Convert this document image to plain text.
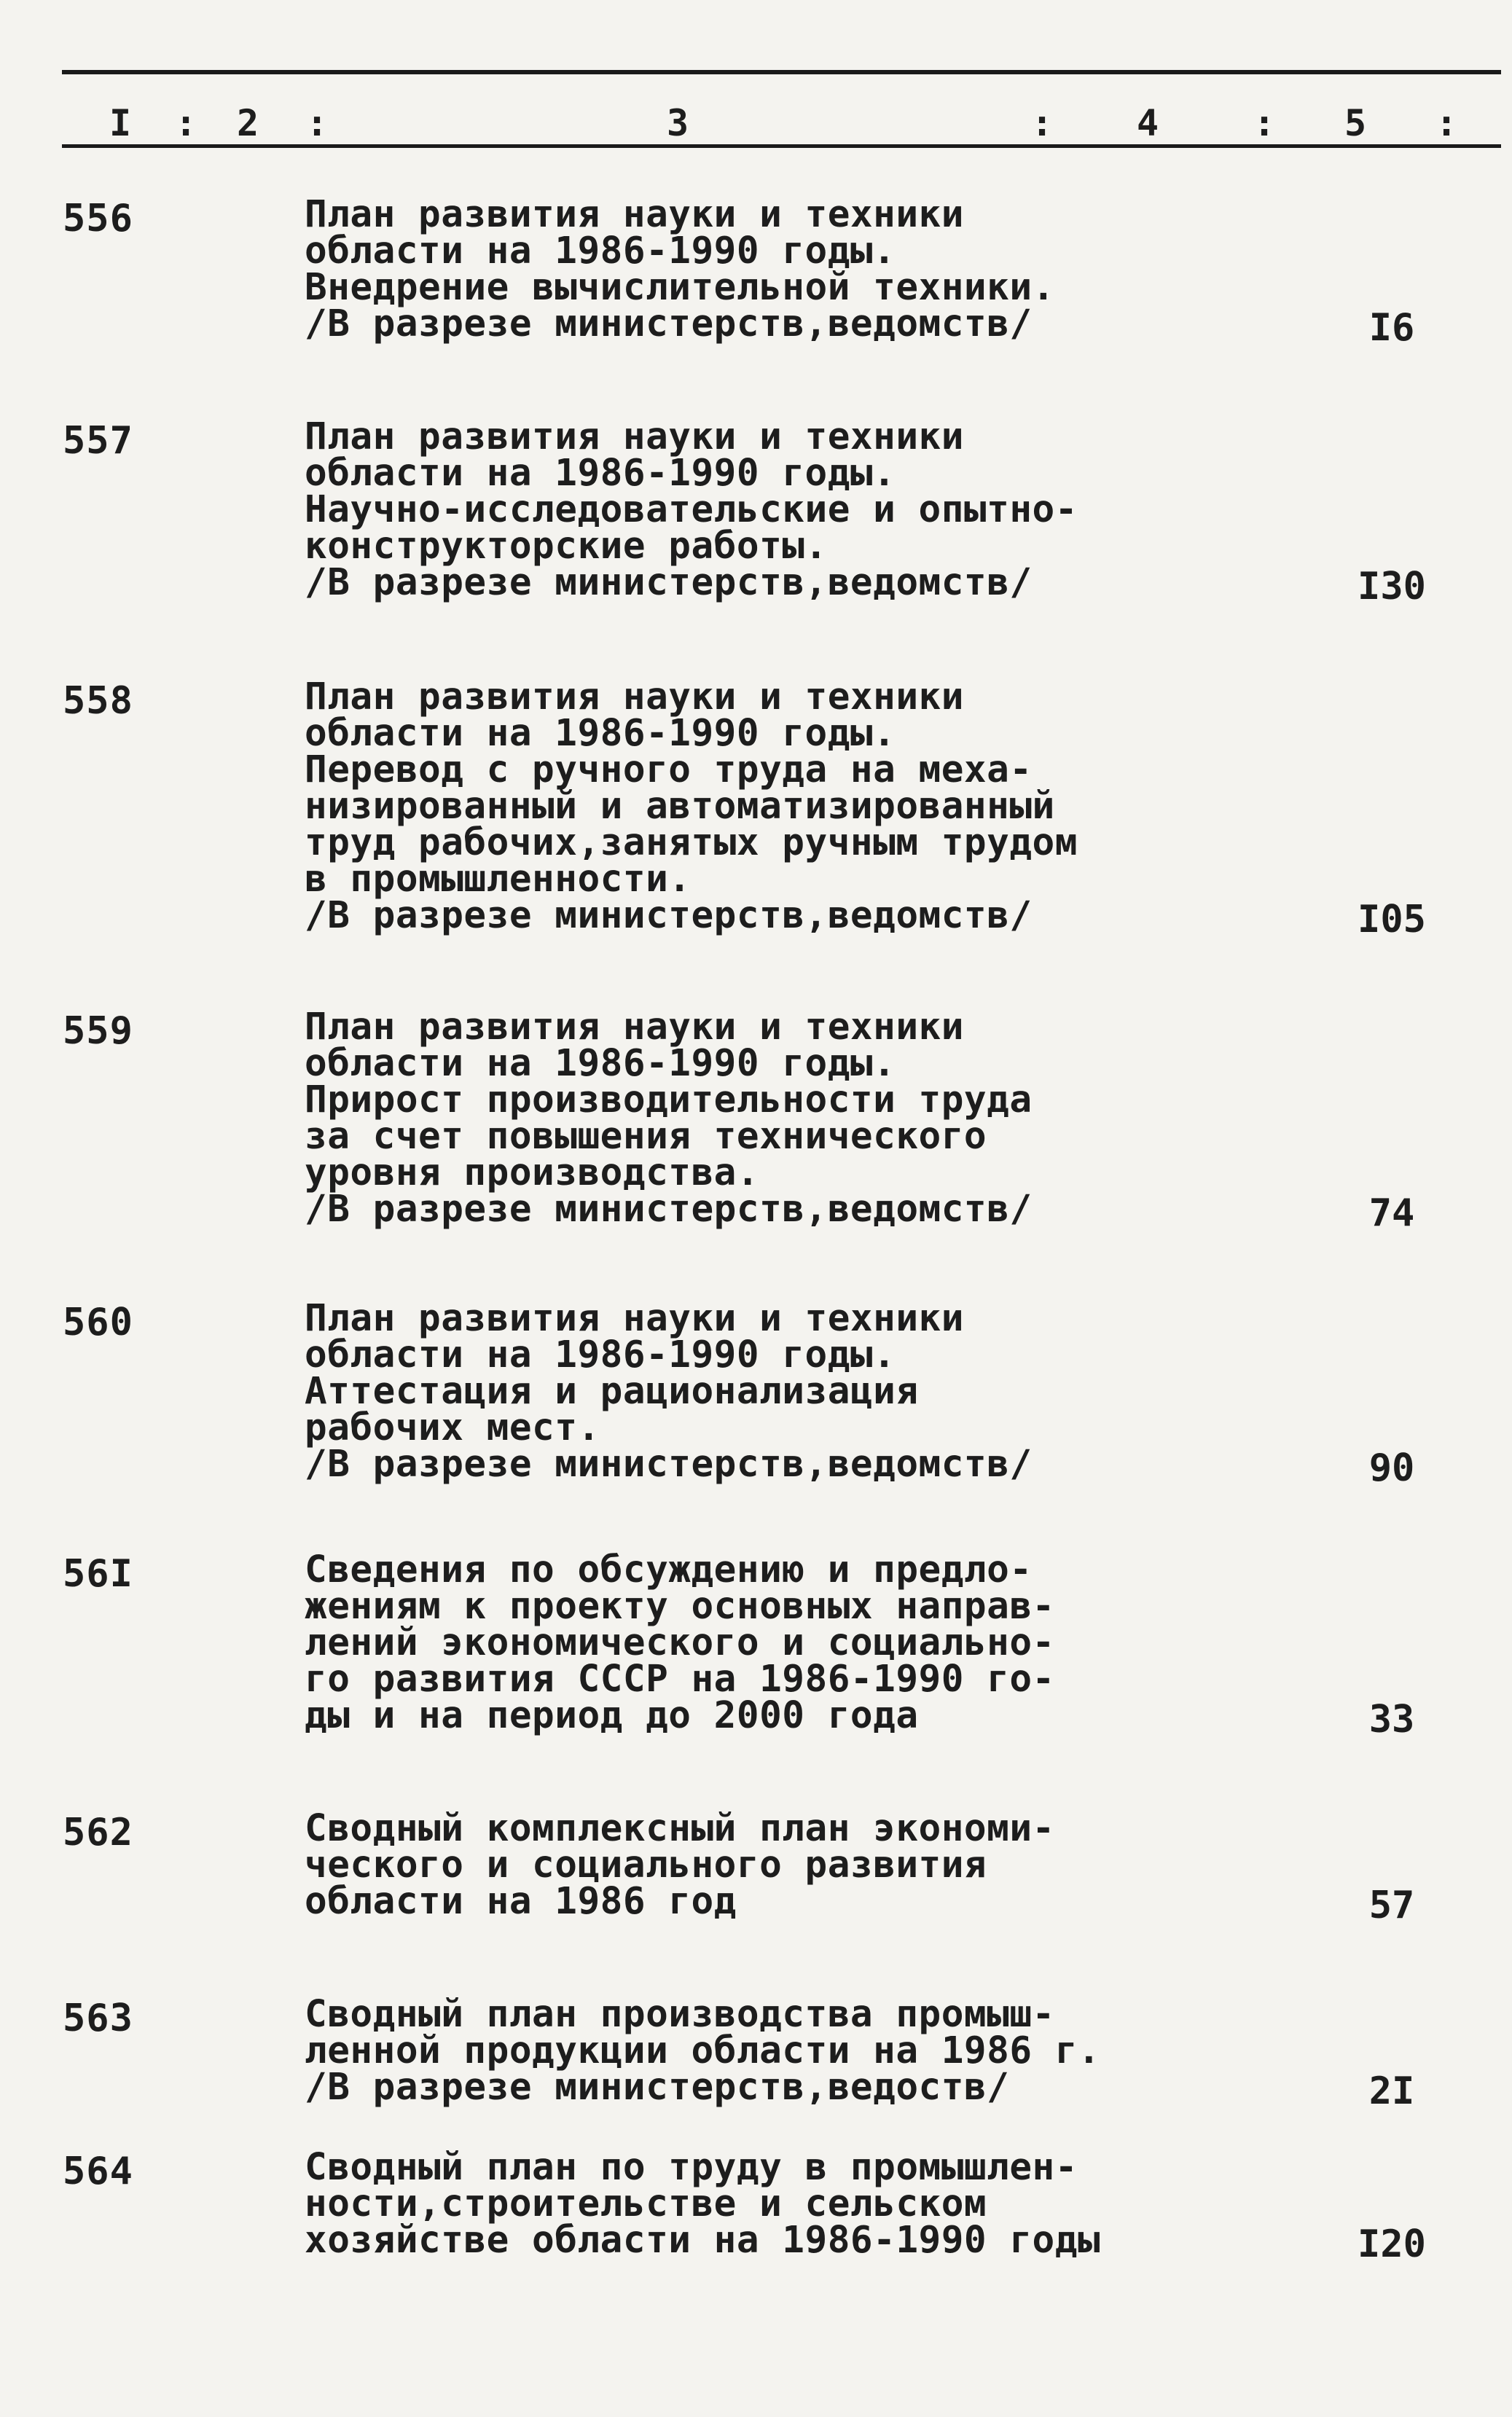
I : 2 :	3	: 4	: 5 :
556	План развития науки и техники
области на 1986-1990 годы.
Внедрение вычислительной техники.
/В разрезе министерств,ведомств/	I6
557	План развития науки и техники
области на 1986-1990 годы.
Научно-исследовательские и опытно-
конструкторские работы.
/В разрезе министерств,ведомств/	I30
558	План развития науки и техники
области на 1986-1990 годы.
Перевод с ручного труда на меха-
низированный и автоматизированный
труд рабочих,занятых ручным трудом
в промышленности.
/В разрезе министерств,ведомств/	I05
559	План развития науки и техники
области на 1986-1990 годы.
Прирост производительности труда
за счет повышения технического
уровня производства.
/В разрезе министерств,ведомств/	74
560	План развития науки и техники
области на 1986-1990 годы.
Аттестация и рационализация
рабочих мест.
/В разрезе министерств,ведомств/	90
56I	Сведения по обсуждению и предло-
жениям к проекту основных направ-
лений экономического и социально-
го развития СССР на 1986-1990 го-
ды и на период до 2000 года	33
562	Сводный комплексный план экономи-
ческого и социального развития
области на 1986 год	57
563	Сводный план производства промыш-
ленной продукции области на 1986 г.
/В разрезе министерств,ведоств/	2I
564	Сводный план по труду в промышлен-
ности,строительстве и сельском
хозяйстве области на 1986-1990 годы	I20
